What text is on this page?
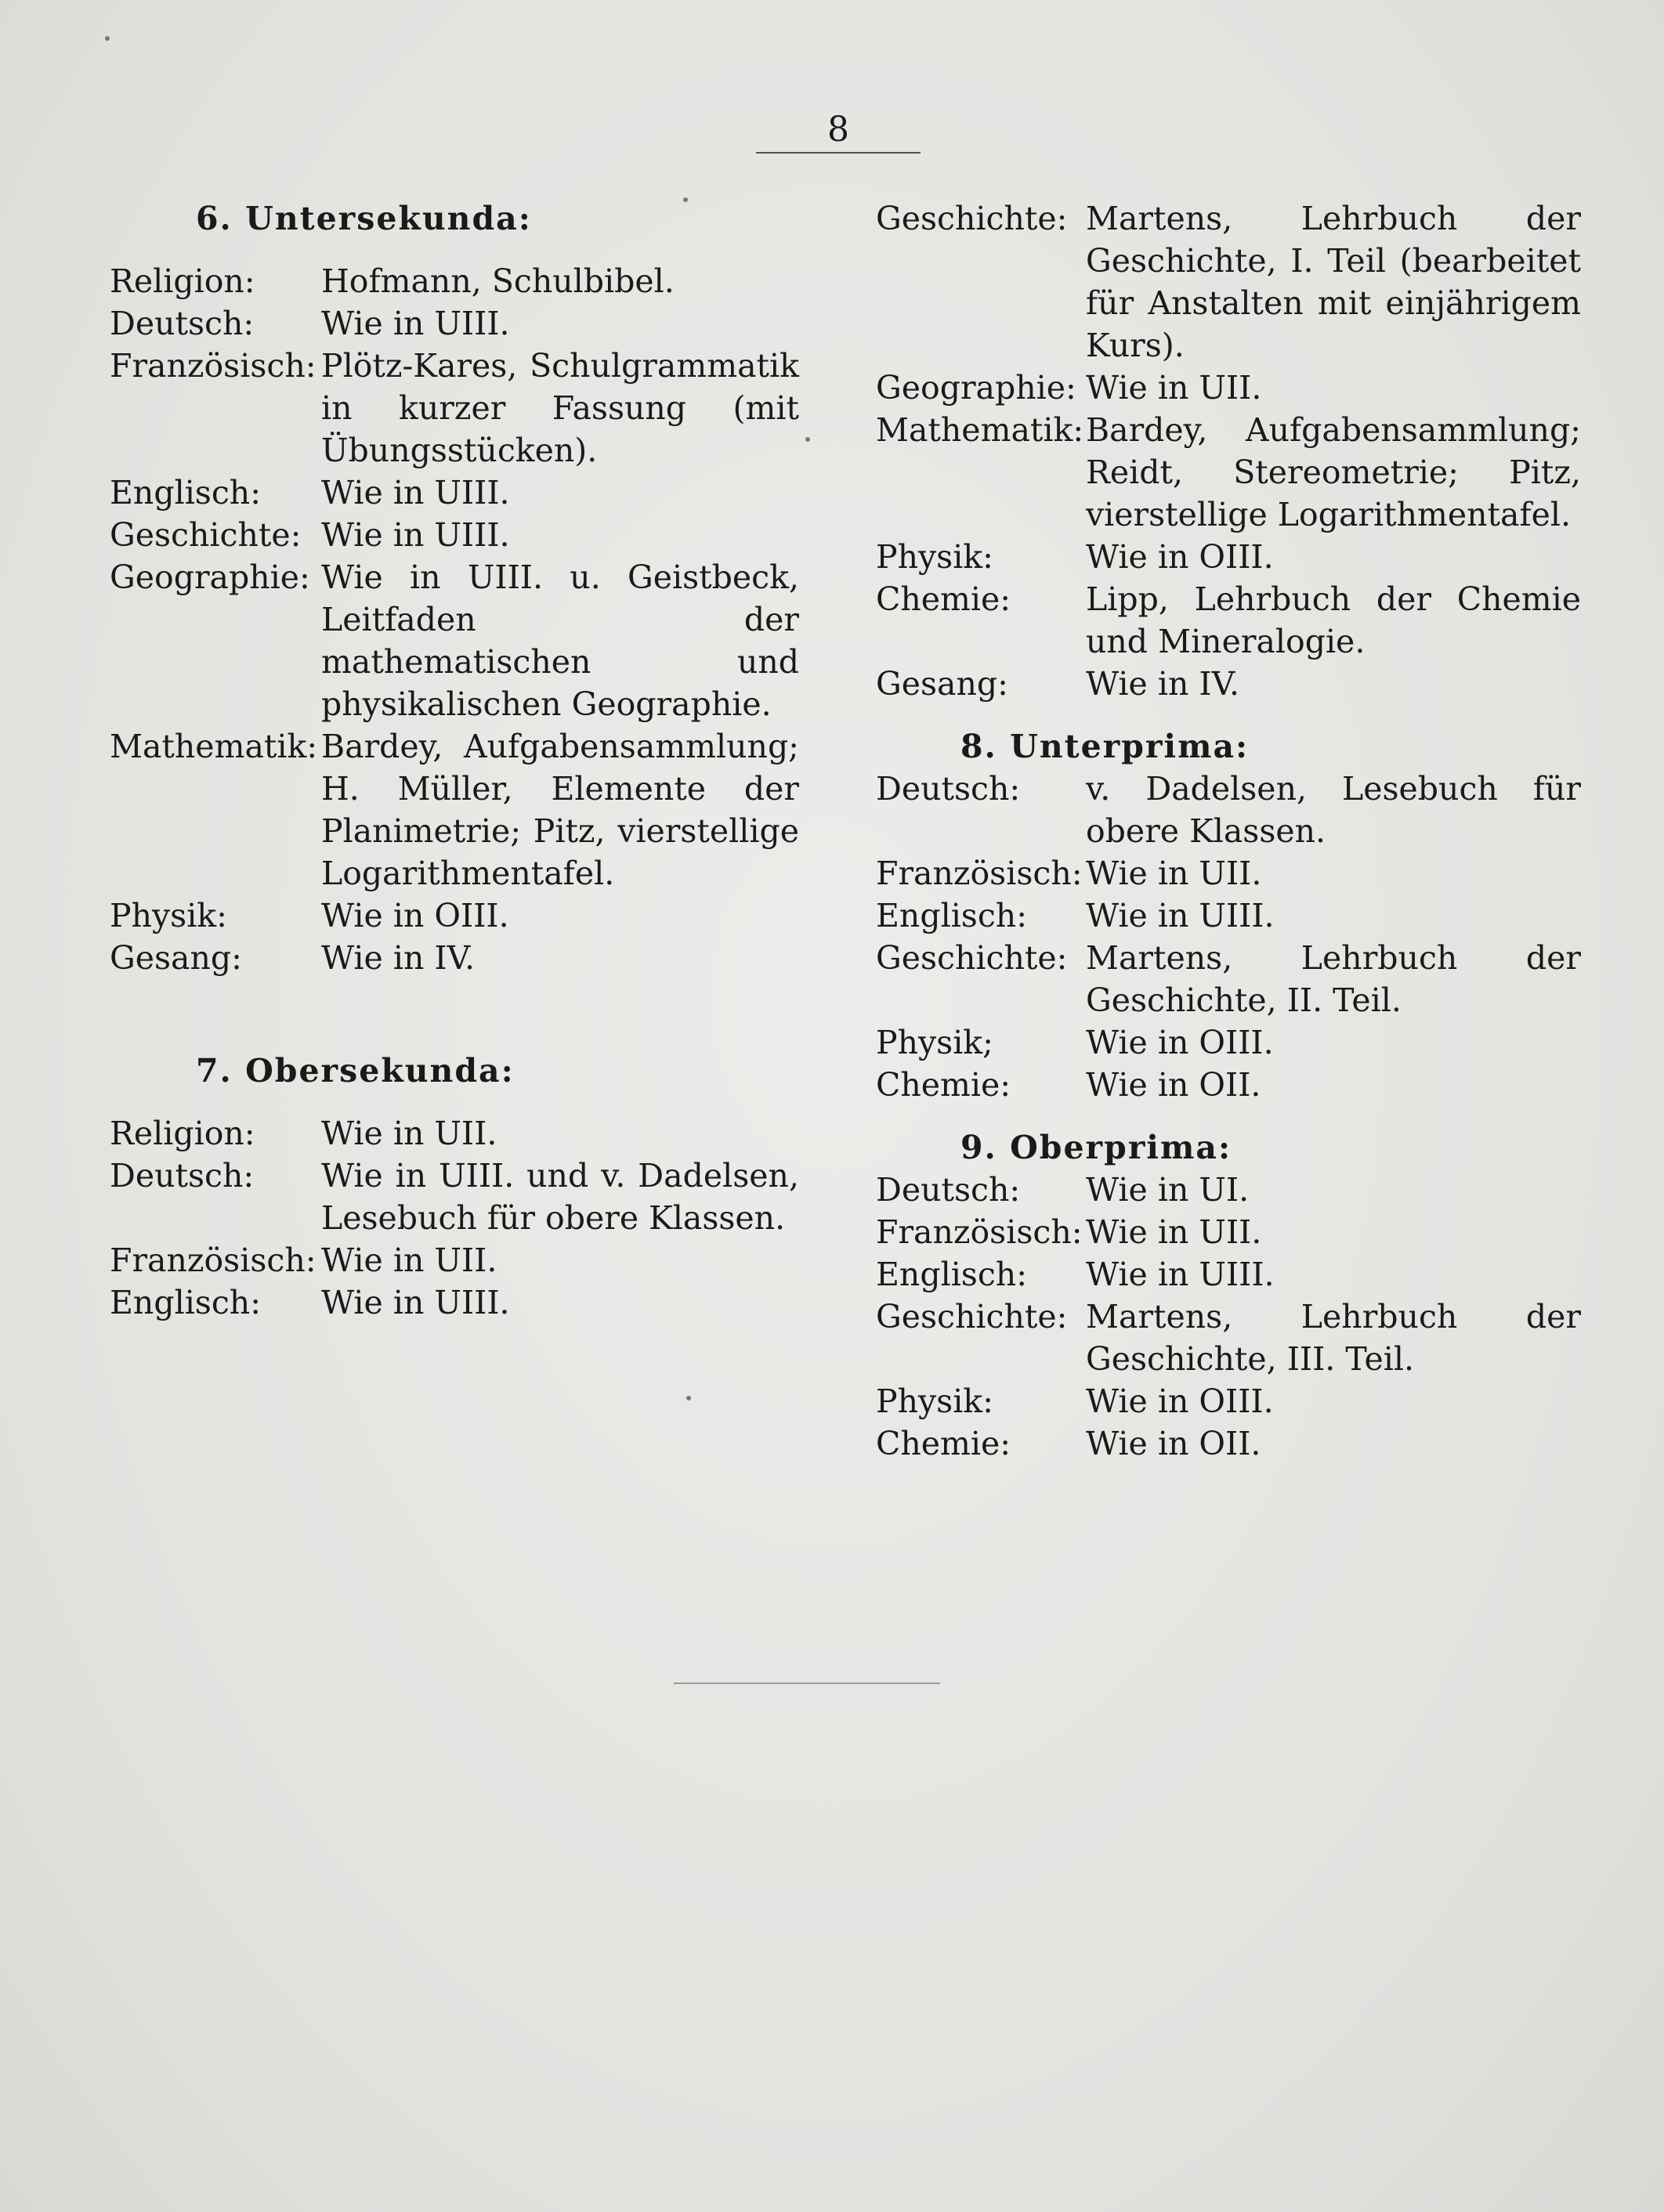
8
6. Untersekunda:
Religion:	Hofmann, Schulbibel.
Deutsch:	Wie in UIII.
Französisch: Plötz-Kares, Schulgrammatik in kurzer Fassung (mit Übungsstücken).
Englisch:	Wie in UIII.
Geschichte: Wie in UIII.
Geographie: Wie in UIII. u. Geistbeck, Leitfaden der mathematischen und physikalischen Geographie.
Mathematik: Bardey, Aufgabensammlung; H. Müller, Elemente der Planimetrie; Pitz, vierstellige Logarithmentafel.
Physik:	Wie in OIII.
Gesang:	Wie in IV.
7. Obersekunda:
Religion:	Wie in UII.
Deutsch:	Wie in UIII. und v. Dadelsen, Lesebuch für obere Klassen.
Französisch: Wie in UII.
Englisch:	Wie in UIII.
Geschichte: Martens, Lehrbuch der Geschichte, I. Teil (bearbeitet für Anstalten mit einjährigem Kurs).
Geographie: Wie in UII.
Mathematik: Bardey, Aufgabensammlung; Reidt, Stereometrie; Pitz, vierstellige Logarithmentafel.
Physik:	Wie in OIII.
Chemie:	Lipp, Lehrbuch der Chemie und Mineralogie.
Gesang:	Wie in IV.
8. Unterprima:
Deutsch:	v. Dadelsen, Lesebuch für obere Klassen.
Französisch: Wie in UII.
Englisch:	Wie in UIII.
Geschichte: Martens, Lehrbuch der Geschichte, II. Teil.
Physik;	Wie in OIII.
Chemie:	Wie in OII.
9. Oberprima:
Deutsch:	Wie in UI.
Französisch: Wie in UII.
Englisch:	Wie in UIII.
Geschichte: Martens, Lehrbuch der Geschichte, III. Teil.
Physik:	Wie in OIII.
Chemie:	Wie in OII.
